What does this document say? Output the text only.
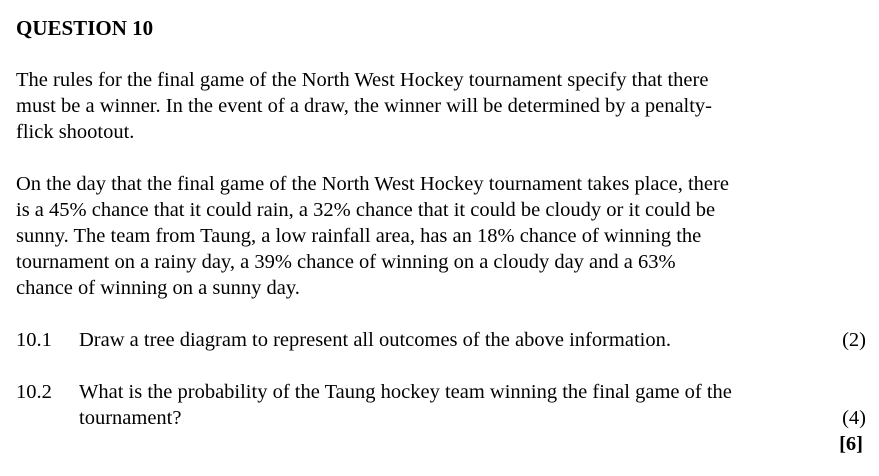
QUESTION 10
The rules for the final game of the North West Hockey tournament specify that there
must be a winner. In the event of a draw, the winner will be determined by a penalty-
flick shootout.
On the day that the final game of the North West Hockey tournament takes place, there
is a 45% chance that it could rain, a 32% chance that it could be cloudy or it could be
sunny. The team from Taung, a low rainfall area, has an 18% chance of winning the
tournament on a rainy day, a 39% chance of winning on a cloudy day and a 63%
chance of winning on a sunny day.
10.1 Draw a tree diagram to represent all outcomes of the above information.	(2)
10.2 What is the probability of the Taung hockey team winning the final game of the
tournament?	(4)
[6]
